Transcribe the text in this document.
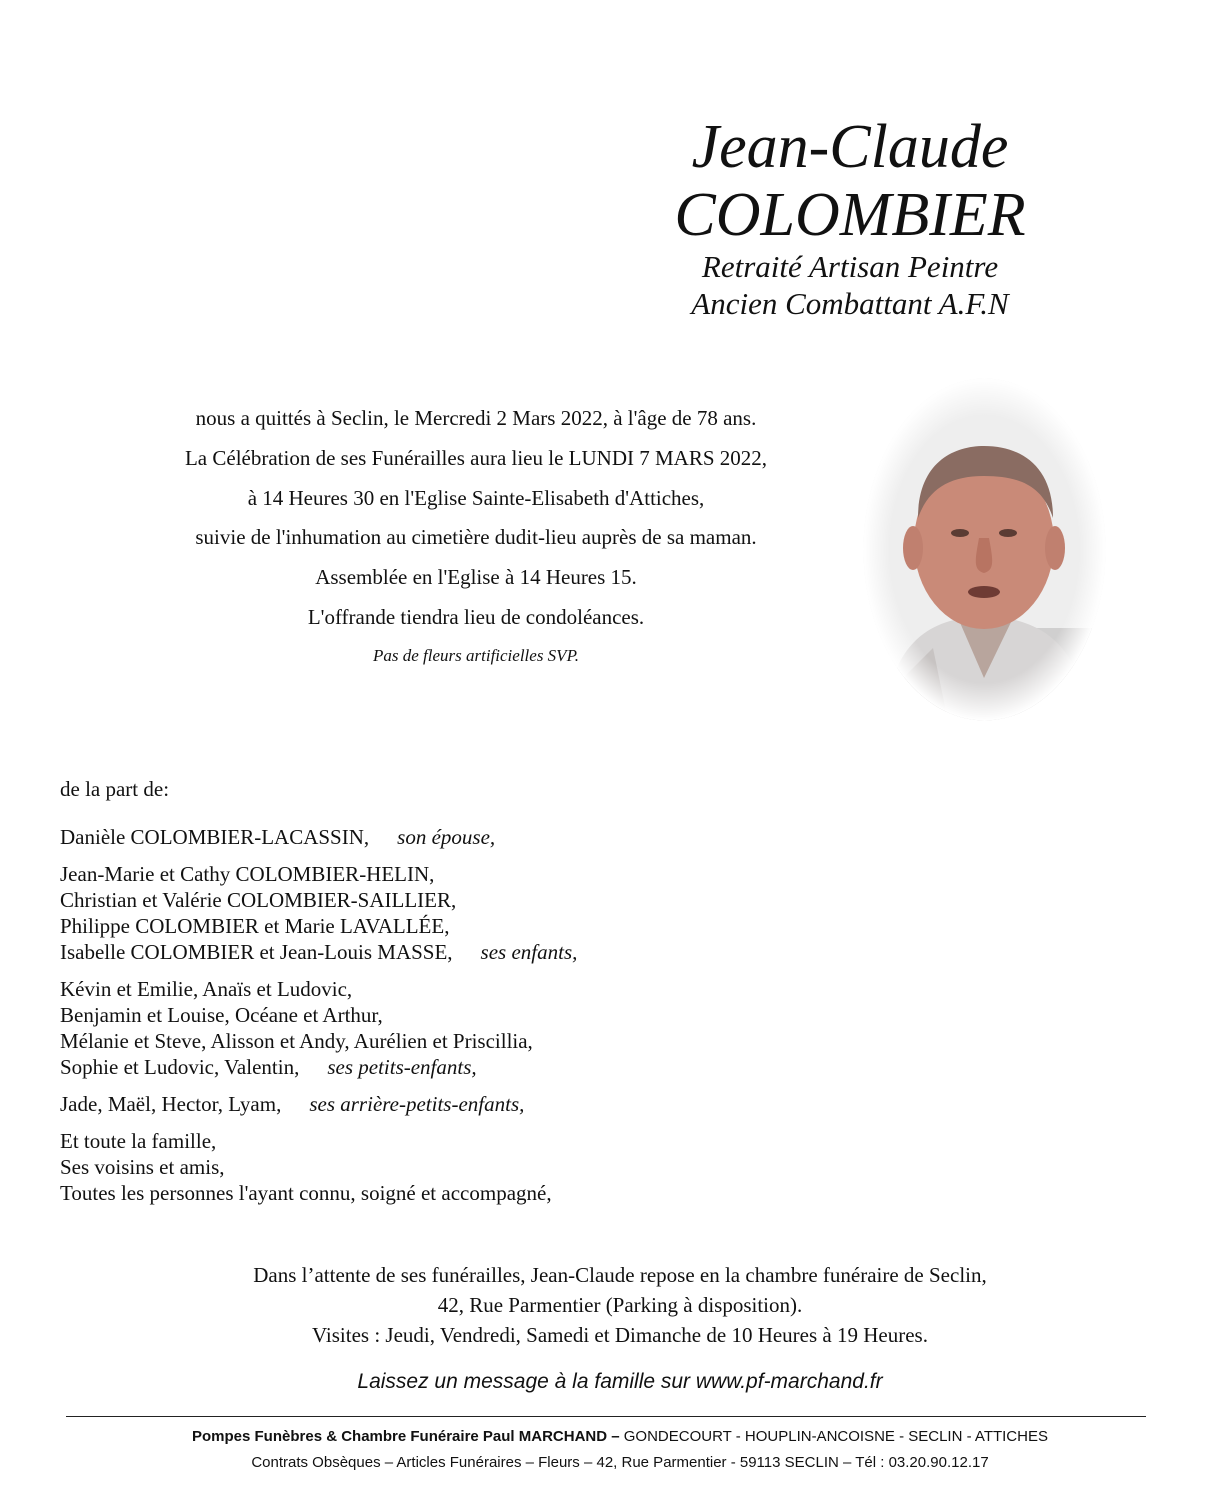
Jean-Claude
COLOMBIER
Retraité Artisan Peintre
Ancien Combattant A.F.N
nous a quittés à Seclin, le Mercredi 2 Mars 2022, à l'âge de 78 ans.
La Célébration de ses Funérailles aura lieu le LUNDI 7 MARS 2022,
à 14 Heures 30 en l'Eglise Sainte-Elisabeth d'Attiches,
suivie de l'inhumation au cimetière dudit-lieu auprès de sa maman.
Assemblée en l'Eglise à 14 Heures 15.
L'offrande tiendra lieu de condoléances.
Pas de fleurs artificielles SVP.
de la part de:
Danièle COLOMBIER-LACASSIN, son épouse,
Jean-Marie et Cathy COLOMBIER-HELIN,
Christian et Valérie COLOMBIER-SAILLIER,
Philippe COLOMBIER et Marie LAVALLÉE,
Isabelle COLOMBIER et Jean-Louis MASSE, ses enfants,
Kévin et Emilie, Anaïs et Ludovic,
Benjamin et Louise, Océane et Arthur,
Mélanie et Steve, Alisson et Andy, Aurélien et Priscillia,
Sophie et Ludovic, Valentin, ses petits-enfants,
Jade, Maël, Hector, Lyam, ses arrière-petits-enfants,
Et toute la famille,
Ses voisins et amis,
Toutes les personnes l'ayant connu, soigné et accompagné,
Dans l’attente de ses funérailles, Jean-Claude repose en la chambre funéraire de Seclin,
42, Rue Parmentier (Parking à disposition).
Visites : Jeudi, Vendredi, Samedi et Dimanche de 10 Heures à 19 Heures.
Laissez un message à la famille sur www.pf-marchand.fr
Pompes Funèbres & Chambre Funéraire Paul MARCHAND – GONDECOURT - HOUPLIN-ANCOISNE - SECLIN - ATTICHES
Contrats Obsèques – Articles Funéraires – Fleurs – 42, Rue Parmentier - 59113 SECLIN – Tél : 03.20.90.12.17
